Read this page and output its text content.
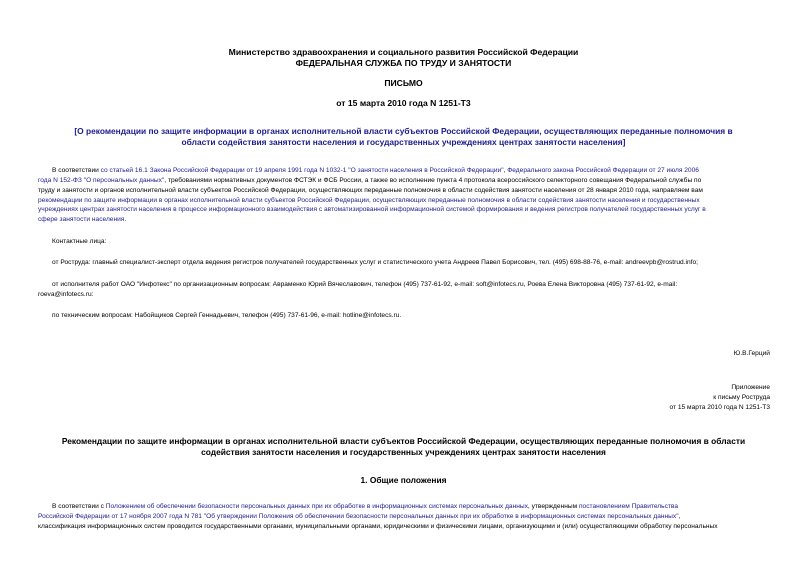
Министерство здравоохранения и социального развития Российской Федерации
ФЕДЕРАЛЬНАЯ СЛУЖБА ПО ТРУДУ И ЗАНЯТОСТИ
ПИСЬМО
от 15 марта 2010 года N 1251-Т3
[О рекомендации по защите информации в органах исполнительной власти субъектов Российской Федерации, осуществляющих переданные полномочия в
области содействия занятости населения и государственных учреждениях центрах занятости населения]
В соответствии со статьей 16.1 Закона Российской Федерации от 19 апреля 1991 года N 1032-1 "О занятости населения в Российской Федерации", Федерального закона Российской Федерации от 27 июля 2006
года N 152-ФЗ "О персональных данных", требованиями нормативных документов ФСТЭК и ФСБ России, а также во исполнение пункта 4 протокола всероссийского селекторного совещания Федеральной службы по
труду и занятости и органов исполнительной власти субъектов Российской Федерации, осуществляющих переданные полномочия в области содействия занятости населения от 28 января 2010 года, направляем вам
рекомендации по защите информации в органах исполнительной власти субъектов Российской Федерации, осуществляющих переданные полномочия в области содействия занятости населения и государственных
учреждениях центрах занятости населения в процессе информационного взаимодействия с автоматизированной информационной системой формирования и ведения регистров получателей государственных услуг в
сфере занятости населения.
Контактные лица:
от Роструда: главный специалист-эксперт отдела ведения регистров получателей государственных услуг и статистического учета Андреев Павел Борисович, тел. (495) 698-88-76, e-mail: andreevpb@rostrud.info;
от исполнителя работ ОАО "Инфотекс" по организационным вопросам: Авраменко Юрий Вячеславович, телефон (495) 737-61-92, e-mail: soft@infotecs.ru, Роева Елена Викторовна (495) 737-61-92, e-mail:
roeva@infotecs.ru:
по техническим вопросам: Набойщиков Сергей Геннадьевич, телефон (495) 737-61-96, e-mail: hotline@infotecs.ru.
Ю.В.Герций
Приложение
к письму Роструда
от 15 марта 2010 года N 1251-Т3
Рекомендации по защите информации в органах исполнительной власти субъектов Российской Федерации, осуществляющих переданные полномочия в области
содействия занятости населения и государственных учреждениях центрах занятости населения
1. Общие положения
В соответствии с Положением об обеспечении безопасности персональных данных при их обработке в информационных системах персональных данных, утвержденным постановлением Правительства
Российской Федерации от 17 ноября 2007 года N 781 "Об утверждении Положения об обеспечении безопасности персональных данных при их обработке в информационных системах персональных данных",
классификация информационных систем проводится государственными органами, муниципальными органами, юридическими и физическими лицами, организующими и (или) осуществляющими обработку персональных
